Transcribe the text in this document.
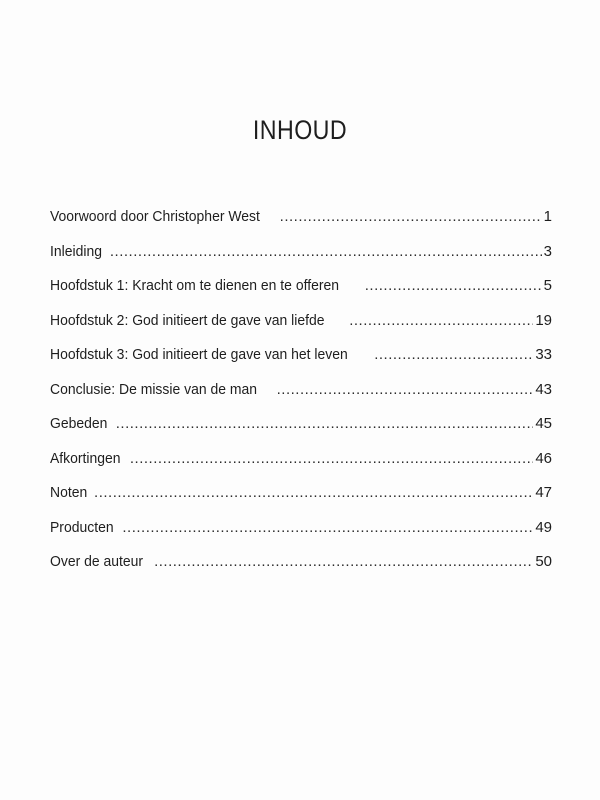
INHOUD
Voorwoord door Christopher West .....	1
Inleiding .....	3
Hoofdstuk 1: Kracht om te dienen en te offeren .....	5
Hoofdstuk 2: God initieert de gave van liefde .....	19
Hoofdstuk 3: God initieert de gave van het leven .....	33
Conclusie: De missie van de man .....	43
Gebeden .....	45
Afkortingen .....	46
Noten .....	47
Producten .....	49
Over de auteur .....	50
